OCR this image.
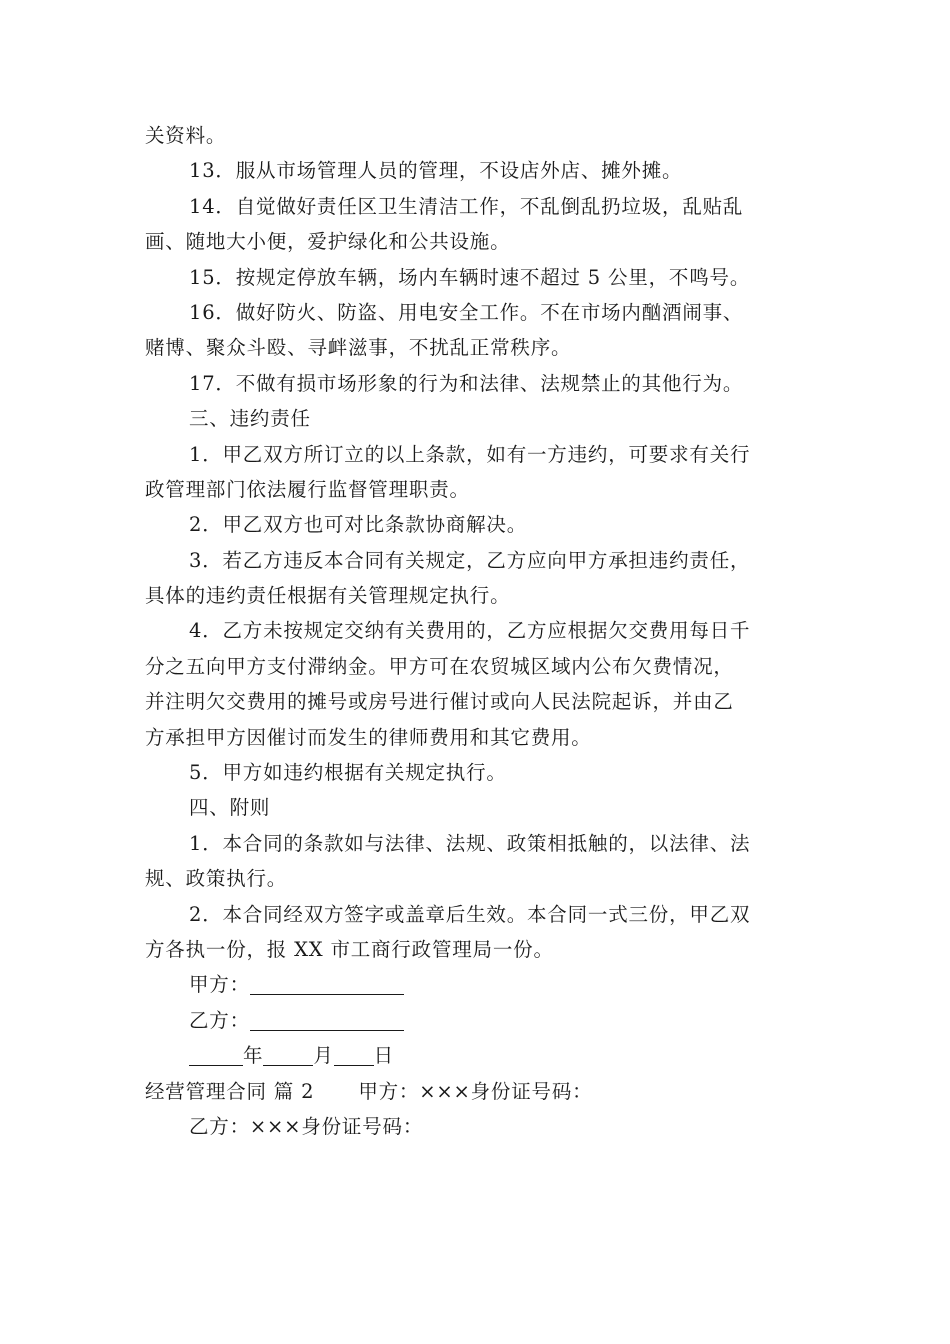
关资料。
13．服从市场管理人员的管理，不设店外店、摊外摊。
14．自觉做好责任区卫生清洁工作，不乱倒乱扔垃圾，乱贴乱
画、随地大小便，爱护绿化和公共设施。
15．按规定停放车辆，场内车辆时速不超过 5 公里，不鸣号。
16．做好防火、防盗、用电安全工作。不在市场内酗酒闹事、
赌博、聚众斗殴、寻衅滋事，不扰乱正常秩序。
17．不做有损市场形象的行为和法律、法规禁止的其他行为。
三、违约责任
1．甲乙双方所订立的以上条款，如有一方违约，可要求有关行
政管理部门依法履行监督管理职责。
2．甲乙双方也可对比条款协商解决。
3．若乙方违反本合同有关规定，乙方应向甲方承担违约责任，
具体的违约责任根据有关管理规定执行。
4．乙方未按规定交纳有关费用的，乙方应根据欠交费用每日千
分之五向甲方支付滞纳金。甲方可在农贸城区域内公布欠费情况，
并注明欠交费用的摊号或房号进行催讨或向人民法院起诉，并由乙
方承担甲方因催讨而发生的律师费用和其它费用。
5．甲方如违约根据有关规定执行。
四、附则
1．本合同的条款如与法律、法规、政策相抵触的，以法律、法
规、政策执行。
2．本合同经双方签字或盖章后生效。本合同一式三份，甲乙双
方各执一份，报 XX 市工商行政管理局一份。
甲方：
乙方：
年	月 日
经营管理合同 篇 2 甲方：×××身份证号码：
乙方：×××身份证号码：
